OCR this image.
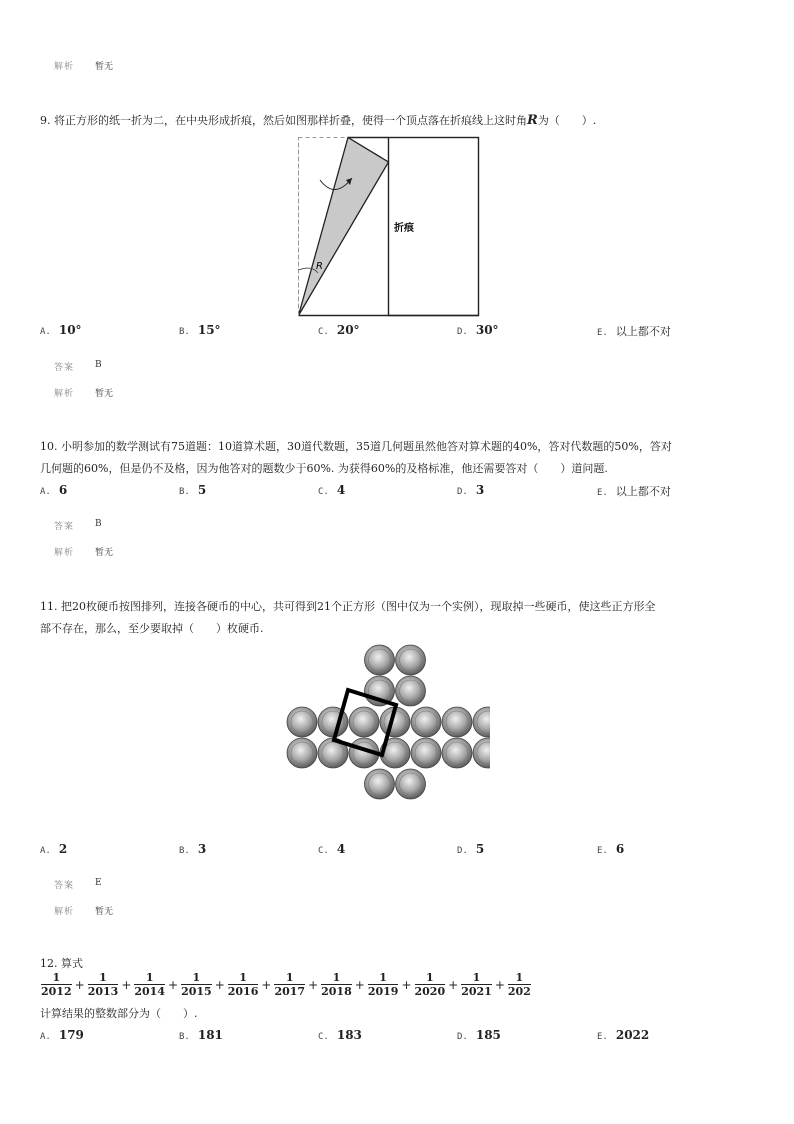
解析 暂无
9. 将正方形的纸一折为二，在中央形成折痕，然后如图那样折叠，使得一个顶点落在折痕线上这时角R为（　　）.
R
折痕
A. 10°	B. 15°	C. 20°	D. 30°	E. 以上都不对
答案 B
解析 暂无
10. 小明参加的数学测试有75道题：10道算术题，30道代数题，35道几何题虽然他答对算术题的40%，答对代数题的50%，答对
几何题的60%，但是仍不及格，因为他答对的题数少于60%. 为获得60%的及格标准，他还需要答对（　　）道问题.
A. 6	B. 5	C. 4	D. 3	E. 以上都不对
答案 B
解析 暂无
11. 把20枚硬币按图排列，连接各硬币的中心，共可得到21个正方形（图中仅为一个实例），现取掉一些硬币，使这些正方形全
部不存在，那么，至少要取掉（　　）枚硬币.
A. 2	B. 3	C. 4	D. 5	E. 6
答案 E
解析 暂无
12. 算式
$\frac{1}{2012} + \frac{1}{2013} + \frac{1}{2014} + \frac{1}{2015} + \frac{1}{2016} + \frac{1}{2017} + \frac{1}{2018} + \frac{1}{2019} + \frac{1}{2020} + \frac{1}{2021} + \frac{1}{202}$
计算结果的整数部分为（　　）.
A. 179	B. 181	C. 183	D. 185	E. 2022
